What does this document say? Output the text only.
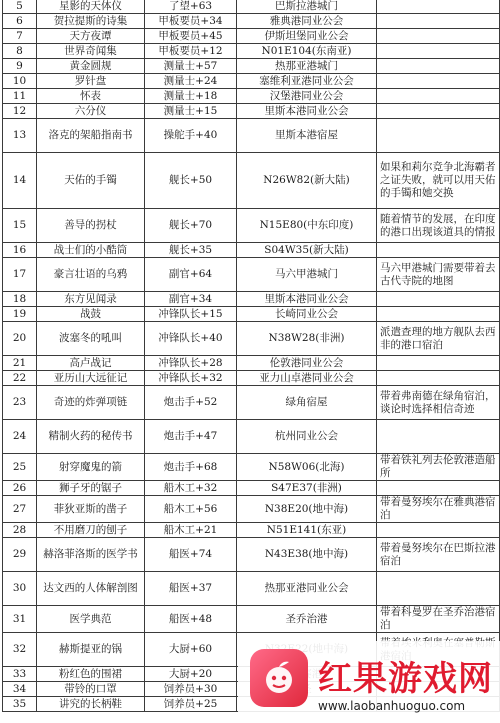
5	星影的天体仪	了望+63	巴斯拉港城门	
6	贺拉提斯的诗集	甲板要员+34	雅典港同业公会	
7	天方夜谭	甲板要员+45	伊斯坦堡同业公会	
8	世界奇闻集	甲板要员+12	N01E104(东南亚)	
9	黄金圆规	测量士+57	热那亚港城门	
10	罗针盘	测量士+24	塞维利亚港同业公会	
11	怀表	测量士+18	汉堡港同业公会	
12	六分仪	测量士+15	里斯本港同业公会	
13	洛克的架船指南书	操舵手+40	里斯本港宿屋	
14	天佑的手镯	舰长+50	N26W82(新大陆)	如果和莉尔竞争北海霸者之证失败，就可以用天佑的手镯和她交换
15	善导的拐杖	舰长+70	N15E80(中东印度)	随着情节的发展，在印度的港口出现该道具的情报
16	战士们的小酷筒	舰长+35	S04W35(新大陆)	
17	豪言壮语的乌鸦	副官+64	马六甲港城门	马六甲港城门需要带着去古代寺院的地图
18	东方见闻录	副官+34	里斯本港同业公会	
19	战鼓	冲锋队长+15	长崎同业公会	
20	波塞冬的吼叫	冲锋队长+40	N38W28(非洲)	派遣查理的地方舰队去西非的港口宿泊
21	高卢战记	冲锋队长+28	伦敦港同业公会	
22	亚历山大远征记	冲锋队长+32	亚力山卓港同业公会	
23	奇迹的炸弹项链	炮击手+52	绿角宿屋	带着弗南德在绿角宿泊，谈论时选择相信奇迹
24	精制火药的秘传书	炮击手+47	杭州同业公会	
25	射穿魔鬼的箭	炮击手+68	N58W06(北海)	带着铁礼列去伦敦港造船所
26	狮子牙的锯子	船木工+32	S47E37(非洲)	
27	菲狄亚斯的凿子	船木工+56	N38E20(地中海)	带着曼努埃尔在雅典港宿泊
28	不用磨刀的刨子	船木工+21	N51E141(东亚)	
29	赫洛菲洛斯的医学书	船医+74	N43E38(地中海)	带着曼努埃尔在巴斯拉港宿泊
30	达文西的人体解剖图	船医+37	热那亚港同业公会	
31	医学典范	船医+48	圣乔治港	带着科曼罗在圣乔治港宿泊
32	赫斯提亚的锅	大厨+60		
33	粉红色的围裙	大厨+20		
34	带铃的口罩	饲养员+30		
35	讲究的长柄鞋	饲养员+25		
红果游戏网
www.laobanhuoguo.com
